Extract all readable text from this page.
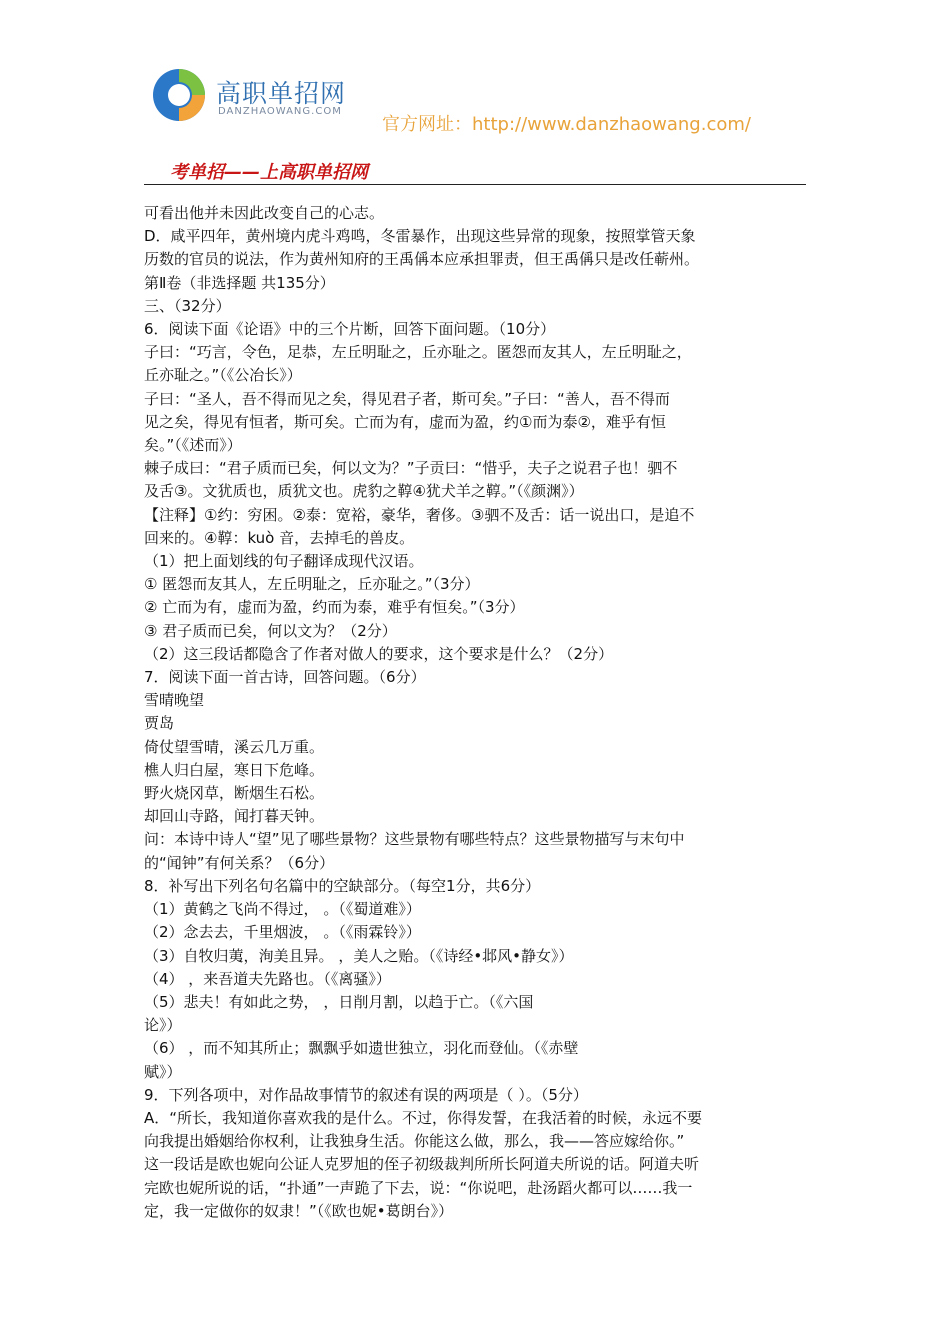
高职单招网
DANZHAOWANG.COM
官方网址：http://www.danzhaowang.com/
考单招——上高职单招网
可看出他并未因此改变自己的心志。
D．咸平四年，黄州境内虎斗鸡鸣，冬雷暴作，出现这些异常的现象，按照掌管天象
历数的官员的说法，作为黄州知府的王禹偁本应承担罪责，但王禹偁只是改任蕲州。
第Ⅱ卷（非选择题 共135分）
三、（32分）
6．阅读下面《论语》中的三个片断，回答下面问题。（10分）
子曰：“巧言，令色，足恭，左丘明耻之，丘亦耻之。匿怨而友其人，左丘明耻之，
丘亦耻之。”（《公冶长》）
子曰：“圣人，吾不得而见之矣，得见君子者，斯可矣。”子曰：“善人，吾不得而
见之矣，得见有恒者，斯可矣。亡而为有，虚而为盈，约①而为泰②，难乎有恒
矣。”（《述而》）
棘子成曰：“君子质而已矣，何以文为？”子贡曰：“惜乎，夫子之说君子也！驷不
及舌③。文犹质也，质犹文也。虎豹之鞟④犹犬羊之鞟。”（《颜渊》）
【注释】①约：穷困。②泰：宽裕，豪华，奢侈。③驷不及舌：话一说出口，是追不
回来的。④鞟：kuò 音，去掉毛的兽皮。
（1）把上面划线的句子翻译成现代汉语。
① 匿怨而友其人，左丘明耻之，丘亦耻之。”（3分）
② 亡而为有，虚而为盈，约而为泰，难乎有恒矣。”（3分）
③ 君子质而已矣，何以文为？（2分）
（2）这三段话都隐含了作者对做人的要求，这个要求是什么？（2分）
7．阅读下面一首古诗，回答问题。（6分）
雪晴晚望
贾岛
倚仗望雪晴，溪云几万重。
樵人归白屋，寒日下危峰。
野火烧冈草，断烟生石松。
却回山寺路，闻打暮天钟。
问：本诗中诗人“望”见了哪些景物？这些景物有哪些特点？这些景物描写与末句中
的“闻钟”有何关系？（6分）
8．补写出下列名句名篇中的空缺部分。（每空1分，共6分）
（1）黄鹤之飞尚不得过， 。（《蜀道难》）
（2）念去去，千里烟波， 。（《雨霖铃》）
（3）自牧归荑，洵美且异。 ，美人之贻。（《诗经•邶风•静女》）
（4） ，来吾道夫先路也。（《离骚》）
（5）悲夫！有如此之势， ，日削月割，以趋于亡。（《六国
论》）
（6） ，而不知其所止；飘飘乎如遗世独立，羽化而登仙。（《赤壁
赋》）
9．下列各项中，对作品故事情节的叙述有误的两项是（ ）。（5分）
A．“所长，我知道你喜欢我的是什么。不过，你得发誓，在我活着的时候，永远不要
向我提出婚姻给你权利，让我独身生活。你能这么做，那么，我——答应嫁给你。”
这一段话是欧也妮向公证人克罗旭的侄子初级裁判所所长阿道夫所说的话。阿道夫听
完欧也妮所说的话，“扑通”一声跪了下去，说：“你说吧，赴汤蹈火都可以……我一
定，我一定做你的奴隶！”（《欧也妮•葛朗台》）
